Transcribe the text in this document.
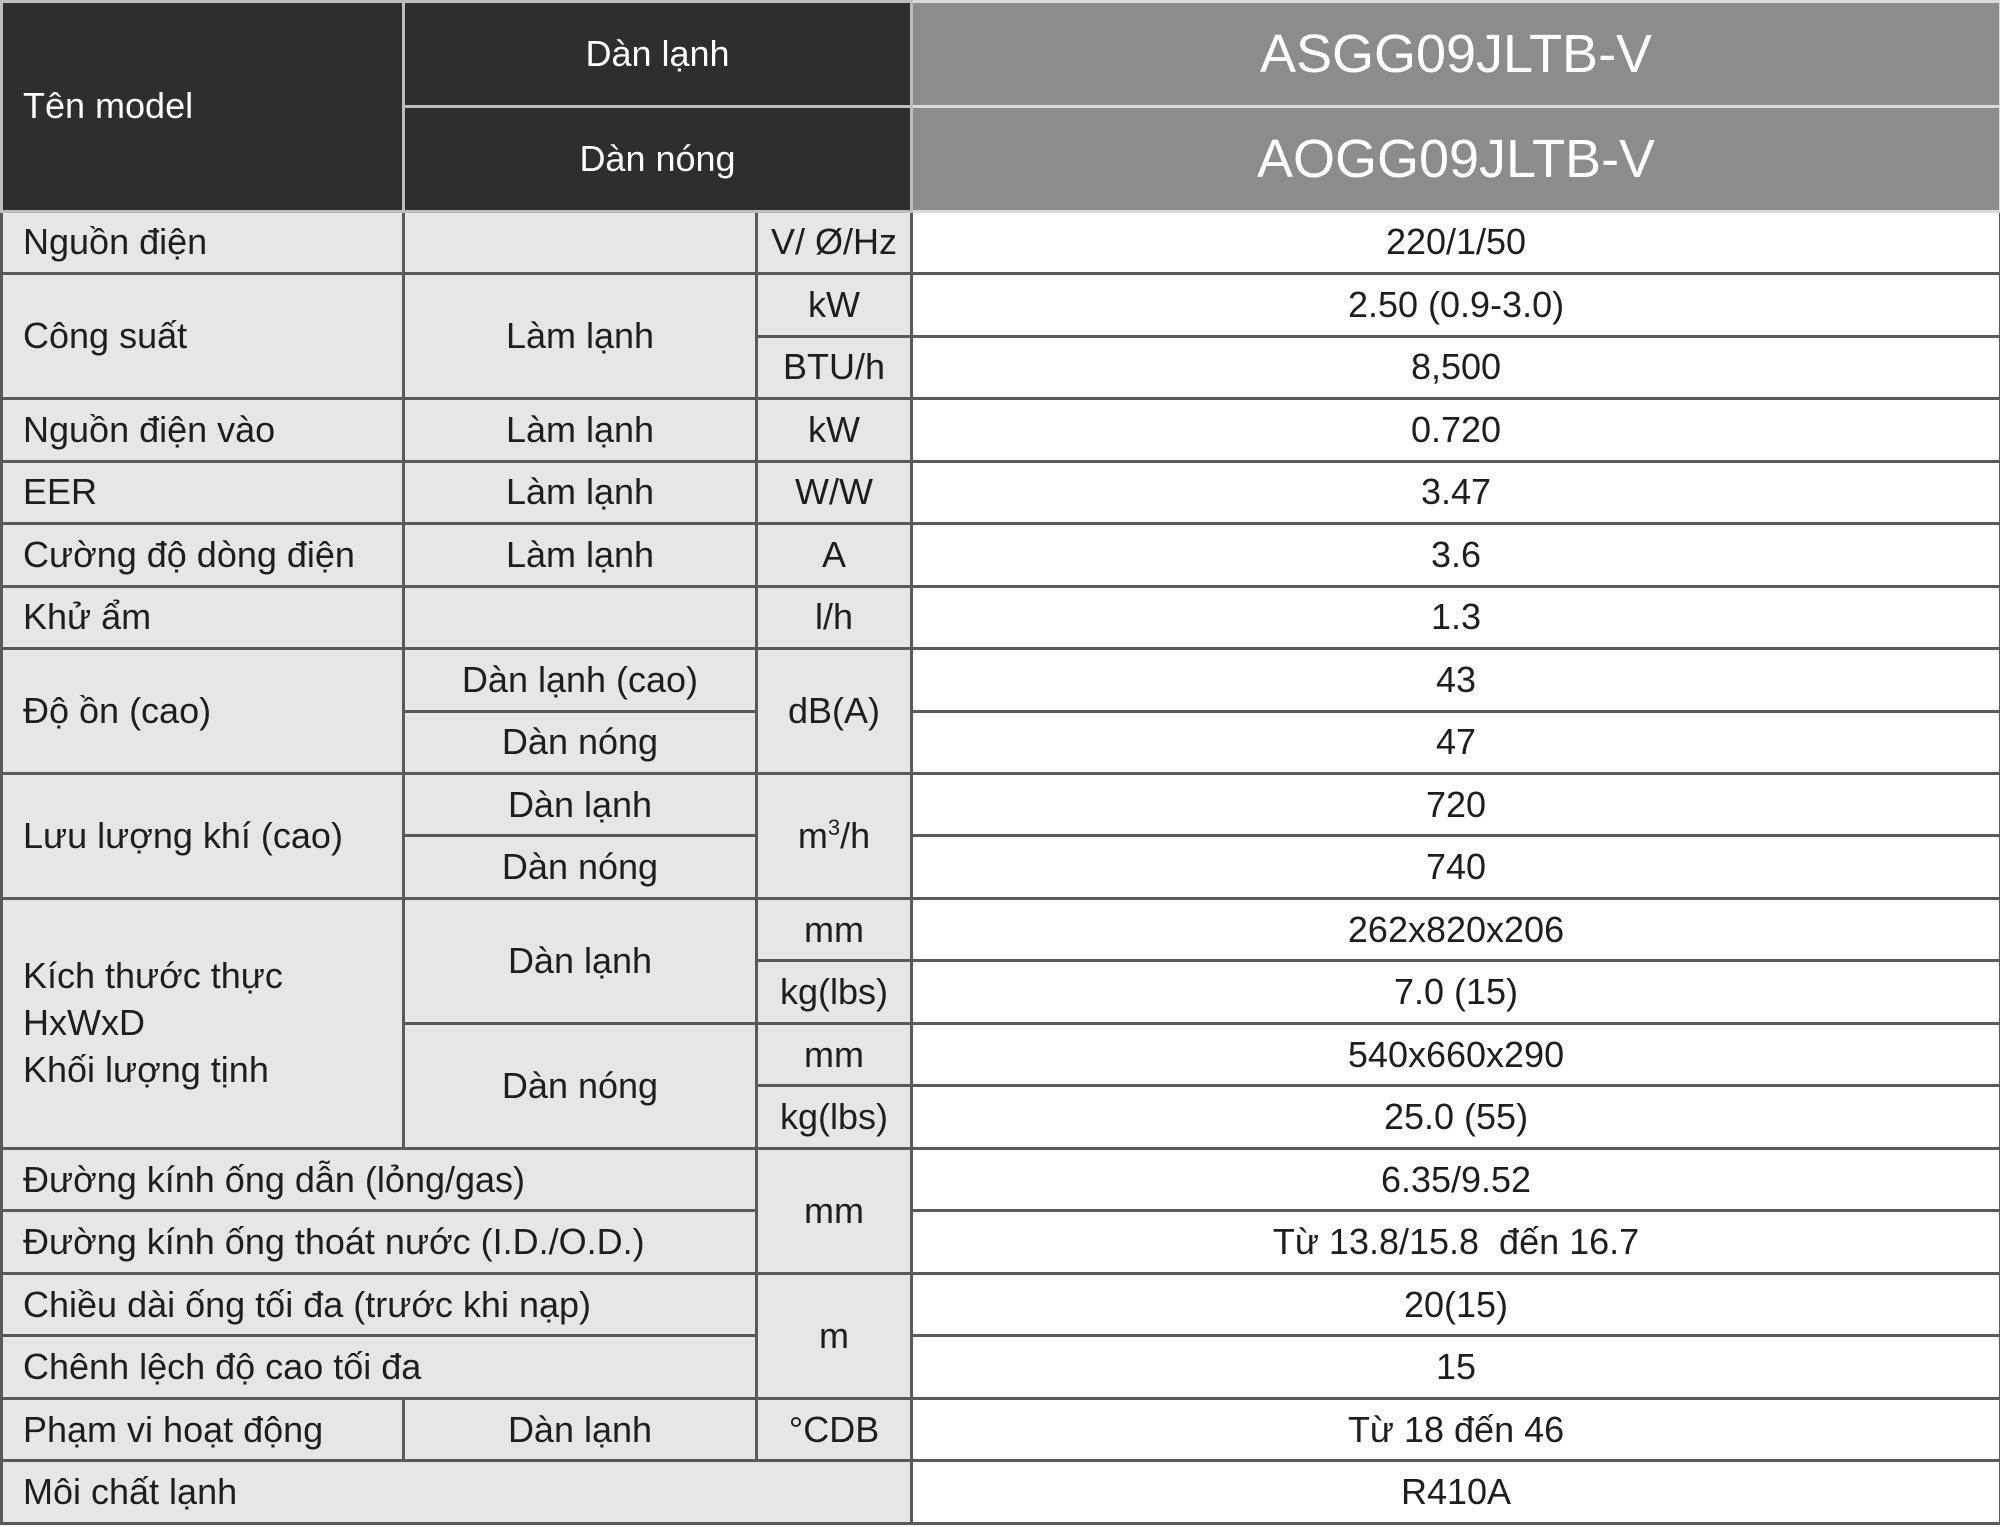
Tên model	Dàn lạnh		ASGG09JLTB-V
	Dàn nóng		AOGG09JLTB-V
Nguồn điện		V/ Ø/Hz	220/1/50
Công suất	Làm lạnh	kW	2.50 (0.9-3.0)
		BTU/h	8,500
Nguồn điện vào	Làm lạnh	kW	0.720
EER	Làm lạnh	W/W	3.47
Cường độ dòng điện	Làm lạnh	A	3.6
Khử ẩm		l/h	1.3
Độ ồn (cao)	Dàn lạnh (cao)	dB(A)	43
	Dàn nóng		47
Lưu lượng khí (cao)	Dàn lạnh	$m^3/h$	720
	Dàn nóng		740

Kích thước thực
HxWxD
Khối lượng tịnh	Dàn lạnh	mm	262x820x206
		kg(lbs)	7.0 (15)
	Dàn nóng	mm	540x660x290
		kg(lbs)	25.0 (55)
Đường kính ống dẫn (lỏng/gas)		mm	6.35/9.52
Đường kính ống thoát nước (I.D./O.D.)			Từ 13.8/15.8  đến 16.7
Chiều dài ống tối đa (trước khi nạp)		m	20(15)
Chênh lệch độ cao tối đa			15
Phạm vi hoạt động	Dàn lạnh	°CDB	Từ 18 đến 46
Môi chất lạnh			R410A
